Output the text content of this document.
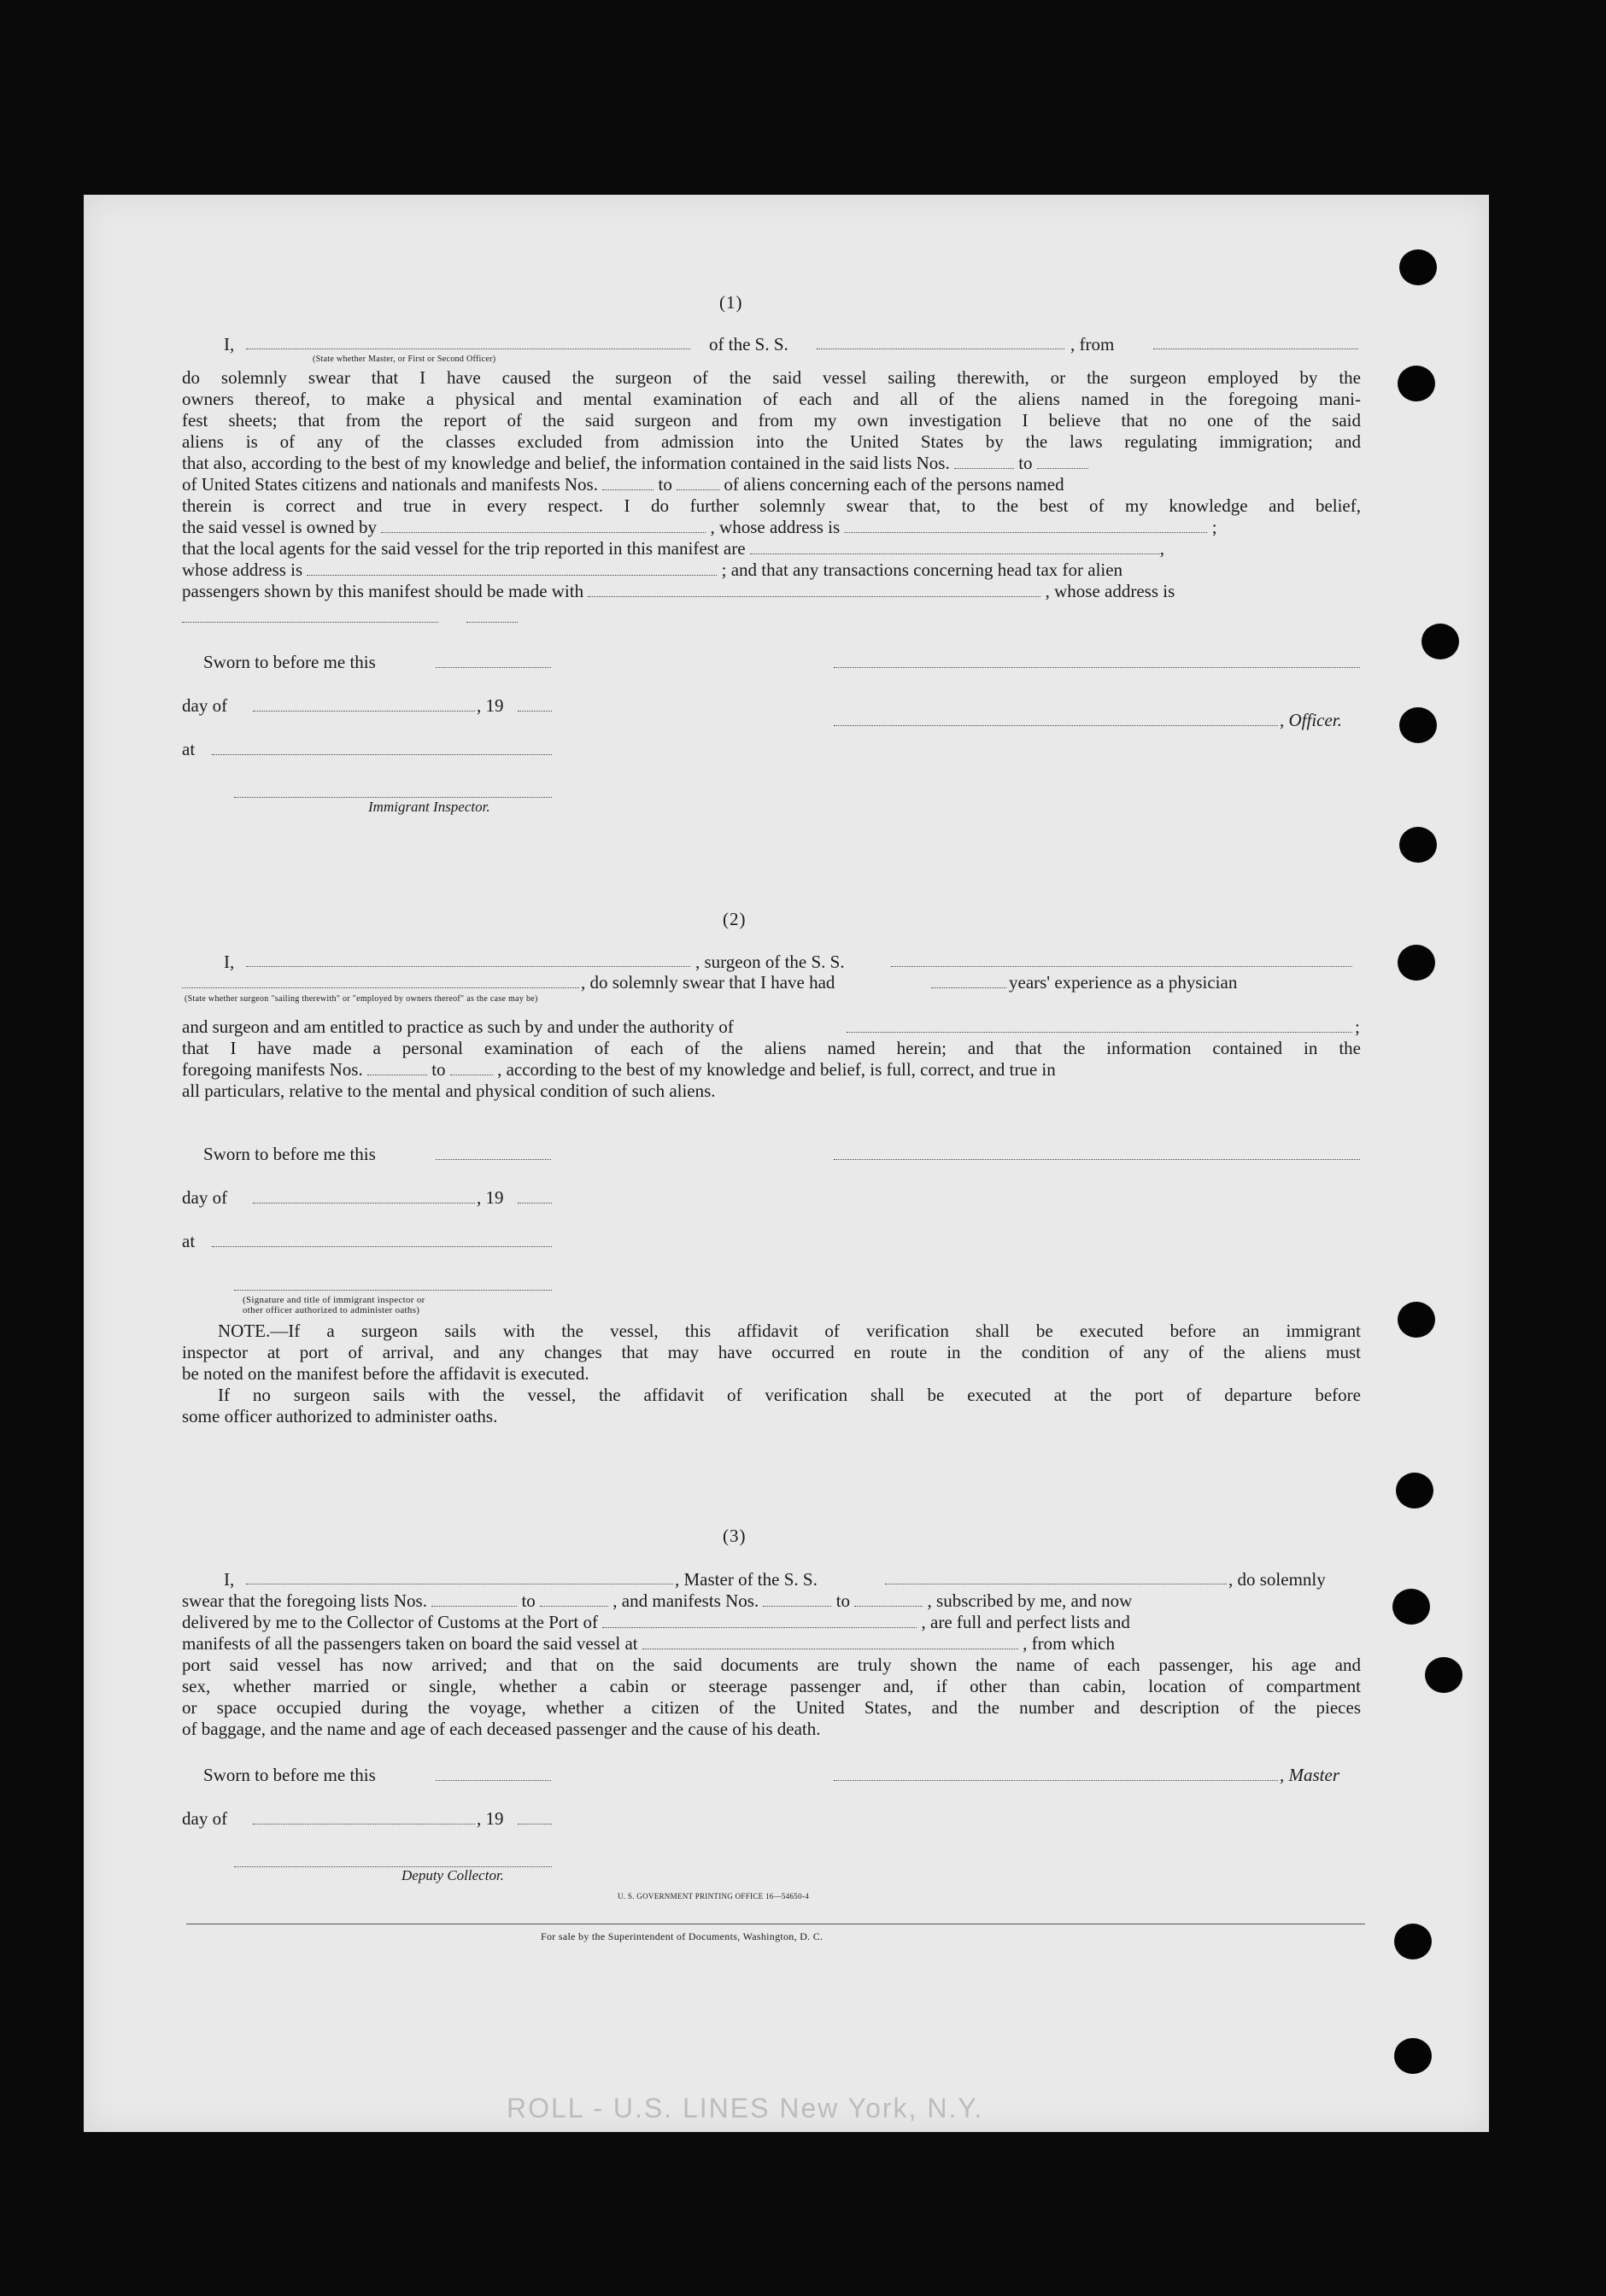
(1)
I,
(State whether Master, or First or Second Officer)
of the S. S.	, from
do solemnly swear that I have caused the surgeon of the said vessel sailing therewith, or the surgeon employed by the
owners thereof, to make a physical and mental examination of each and all of the aliens named in the foregoing mani-
fest sheets; that from the report of the said surgeon and from my own investigation I believe that no one of the said
aliens is of any of the classes excluded from admission into the United States by the laws regulating immigration; and
that also, according to the best of my knowledge and belief, the information contained in the said lists Nos.	to
of United States citizens and nationals and manifests Nos.	to	of aliens concerning each of the persons named
therein is correct and true in every respect. I do further solemnly swear that, to the best of my knowledge and belief,
the said vessel is owned by	, whose address is	;
that the local agents for the said vessel for the trip reported in this manifest are	,
whose address is	; and that any transactions concerning head tax for alien
passengers shown by this manifest should be made with	, whose address is
Sworn to before me this
day of	, 19
, Officer.
at
Immigrant Inspector.
(2)
I,	, surgeon of the S. S.
, do solemnly swear that I have had	years' experience as a physician
(State whether surgeon "sailing therewith" or "employed by owners thereof" as the case may be)
and surgeon and am entitled to practice as such by and under the authority of	;
that I have made a personal examination of each of the aliens named herein; and that the information contained in the
foregoing manifests Nos.	to	, according to the best of my knowledge and belief, is full, correct, and true in
all particulars, relative to the mental and physical condition of such aliens.
Sworn to before me this
day of	, 19
at
(Signature and title of immigrant inspector or
other officer authorized to administer oaths)
NOTE.—If a surgeon sails with the vessel, this affidavit of verification shall be executed before an immigrant
inspector at port of arrival, and any changes that may have occurred en route in the condition of any of the aliens must
be noted on the manifest before the affidavit is executed.
If no surgeon sails with the vessel, the affidavit of verification shall be executed at the port of departure before
some officer authorized to administer oaths.
(3)
I,	, Master of the S. S.	, do solemnly
swear that the foregoing lists Nos.	to	, and manifests Nos.	to	, subscribed by me, and now
delivered by me to the Collector of Customs at the Port of	, are full and perfect lists and
manifests of all the passengers taken on board the said vessel at	, from which
port said vessel has now arrived; and that on the said documents are truly shown the name of each passenger, his age and
sex, whether married or single, whether a cabin or steerage passenger and, if other than cabin, location of compartment
or space occupied during the voyage, whether a citizen of the United States, and the number and description of the pieces
of baggage, and the name and age of each deceased passenger and the cause of his death.
Sworn to before me this	, Master
day of	, 19
Deputy Collector.
U. S. GOVERNMENT PRINTING OFFICE 16—54650-4
For sale by the Superintendent of Documents, Washington, D. C.
ROLL - U.S. LINES New York, N.Y.
